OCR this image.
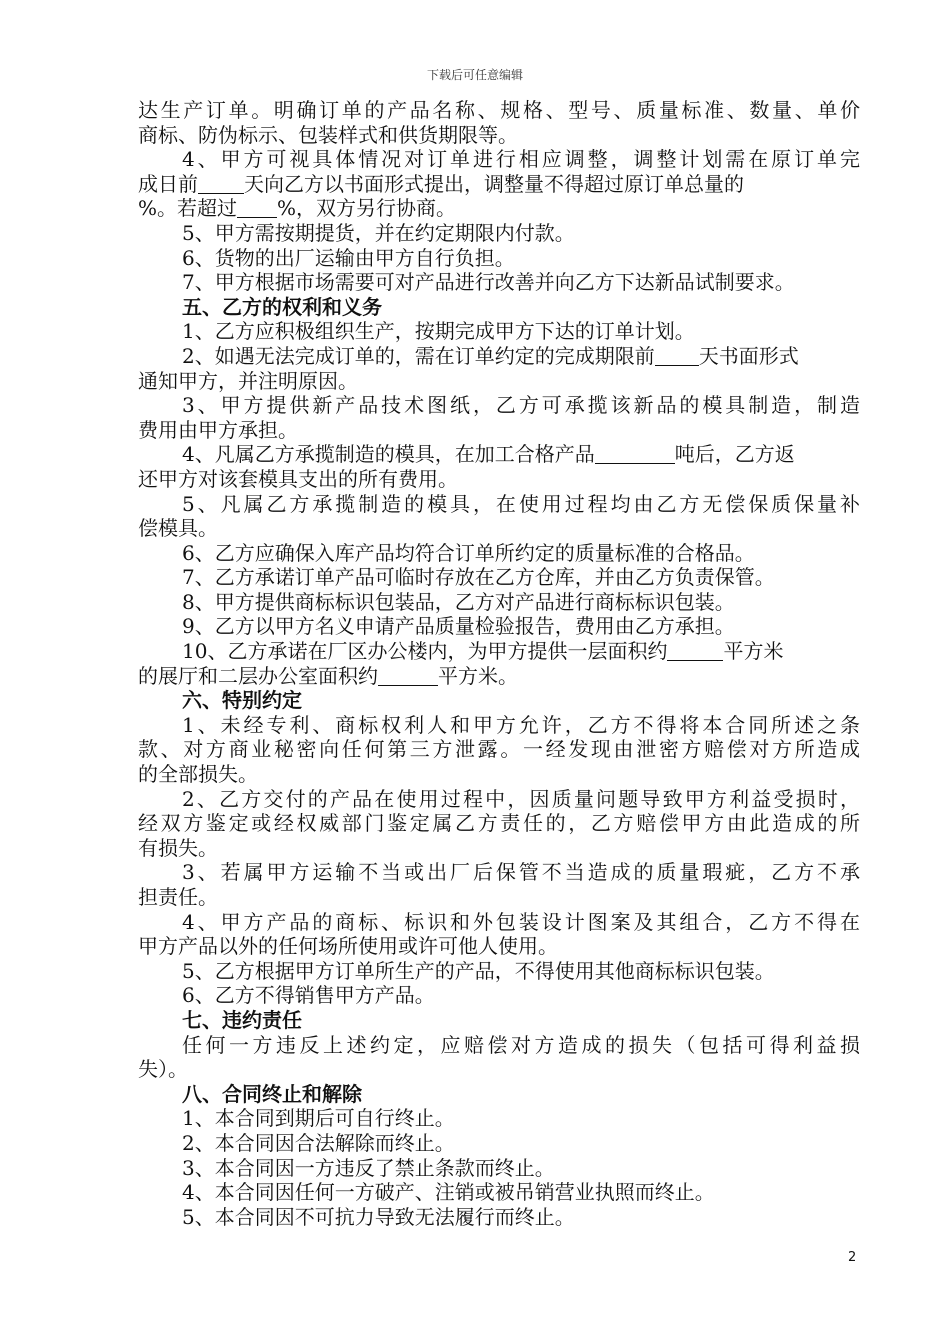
下载后可任意编辑
达生产订单。明确订单的产品名称、规格、型号、质量标准、数量、单价
商标、防伪标示、包装样式和供货期限等。
4、甲方可视具体情况对订单进行相应调整，调整计划需在原订单完
成日前 天向乙方以书面形式提出，调整量不得超过原订单总量的
%。若超过 %，双方另行协商。
5、甲方需按期提货，并在约定期限内付款。
6、货物的出厂运输由甲方自行负担。
7、甲方根据市场需要可对产品进行改善并向乙方下达新品试制要求。
五、乙方的权利和义务
1、乙方应积极组织生产，按期完成甲方下达的订单计划。
2、如遇无法完成订单的，需在订单约定的完成期限前 天书面形式
通知甲方，并注明原因。
3、甲方提供新产品技术图纸，乙方可承揽该新品的模具制造，制造
费用由甲方承担。
4、凡属乙方承揽制造的模具，在加工合格产品	吨后，乙方返
还甲方对该套模具支出的所有费用。
5、凡属乙方承揽制造的模具，在使用过程均由乙方无偿保质保量补
偿模具。
6、乙方应确保入库产品均符合订单所约定的质量标准的合格品。
7、乙方承诺订单产品可临时存放在乙方仓库，并由乙方负责保管。
8、甲方提供商标标识包装品，乙方对产品进行商标标识包装。
9、乙方以甲方名义申请产品质量检验报告，费用由乙方承担。
10、乙方承诺在厂区办公楼内，为甲方提供一层面积约	平方米
的展厅和二层办公室面积约	平方米。
六、特别约定
1、未经专利、商标权利人和甲方允许，乙方不得将本合同所述之条
款、对方商业秘密向任何第三方泄露。一经发现由泄密方赔偿对方所造成
的全部损失。
2、乙方交付的产品在使用过程中，因质量问题导致甲方利益受损时，
经双方鉴定或经权威部门鉴定属乙方责任的，乙方赔偿甲方由此造成的所
有损失。
3、若属甲方运输不当或出厂后保管不当造成的质量瑕疵，乙方不承
担责任。
4、甲方产品的商标、标识和外包装设计图案及其组合，乙方不得在
甲方产品以外的任何场所使用或许可他人使用。
5、乙方根据甲方订单所生产的产品，不得使用其他商标标识包装。
6、乙方不得销售甲方产品。
七、违约责任
任何一方违反上述约定，应赔偿对方造成的损失（包括可得利益损
失）。
八、合同终止和解除
1、本合同到期后可自行终止。
2、本合同因合法解除而终止。
3、本合同因一方违反了禁止条款而终止。
4、本合同因任何一方破产、注销或被吊销营业执照而终止。
5、本合同因不可抗力导致无法履行而终止。
2
